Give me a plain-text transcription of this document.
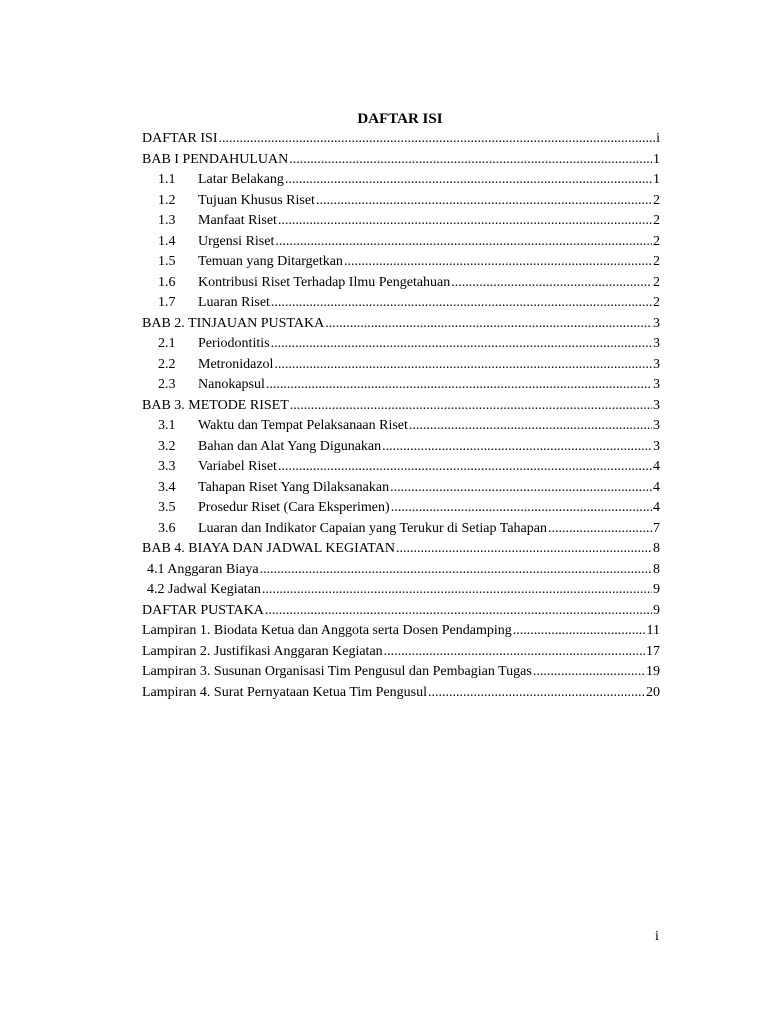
DAFTAR ISI
DAFTAR ISI .....	i
BAB I PENDAHULUAN .....	1
1.1	Latar Belakang .....	1
1.2	Tujuan Khusus Riset .....	2
1.3	Manfaat Riset .....	2
1.4	Urgensi Riset .....	2
1.5	Temuan yang Ditargetkan .....	2
1.6	Kontribusi Riset Terhadap Ilmu Pengetahuan .....	2
1.7	Luaran Riset .....	2
BAB 2. TINJAUAN PUSTAKA .....	3
2.1	Periodontitis .....	3
2.2	Metronidazol .....	3
2.3	Nanokapsul .....	3
BAB 3. METODE RISET .....	3
3.1	Waktu dan Tempat Pelaksanaan Riset .....	3
3.2	Bahan dan Alat Yang Digunakan .....	3
3.3	Variabel Riset .....	4
3.4	Tahapan Riset Yang Dilaksanakan .....	4
3.5	Prosedur Riset (Cara Eksperimen) .....	4
3.6	Luaran dan Indikator Capaian yang Terukur di Setiap Tahapan .....	7
BAB 4. BIAYA DAN JADWAL KEGIATAN .....	8
4.1 Anggaran Biaya .....	8
4.2 Jadwal Kegiatan .....	9
DAFTAR PUSTAKA .....	9
Lampiran 1. Biodata Ketua dan Anggota serta Dosen Pendamping .....	11
Lampiran 2. Justifikasi Anggaran Kegiatan .....	17
Lampiran 3. Susunan Organisasi Tim Pengusul dan Pembagian Tugas .....	19
Lampiran 4. Surat Pernyataan Ketua Tim Pengusul .....	20
i
